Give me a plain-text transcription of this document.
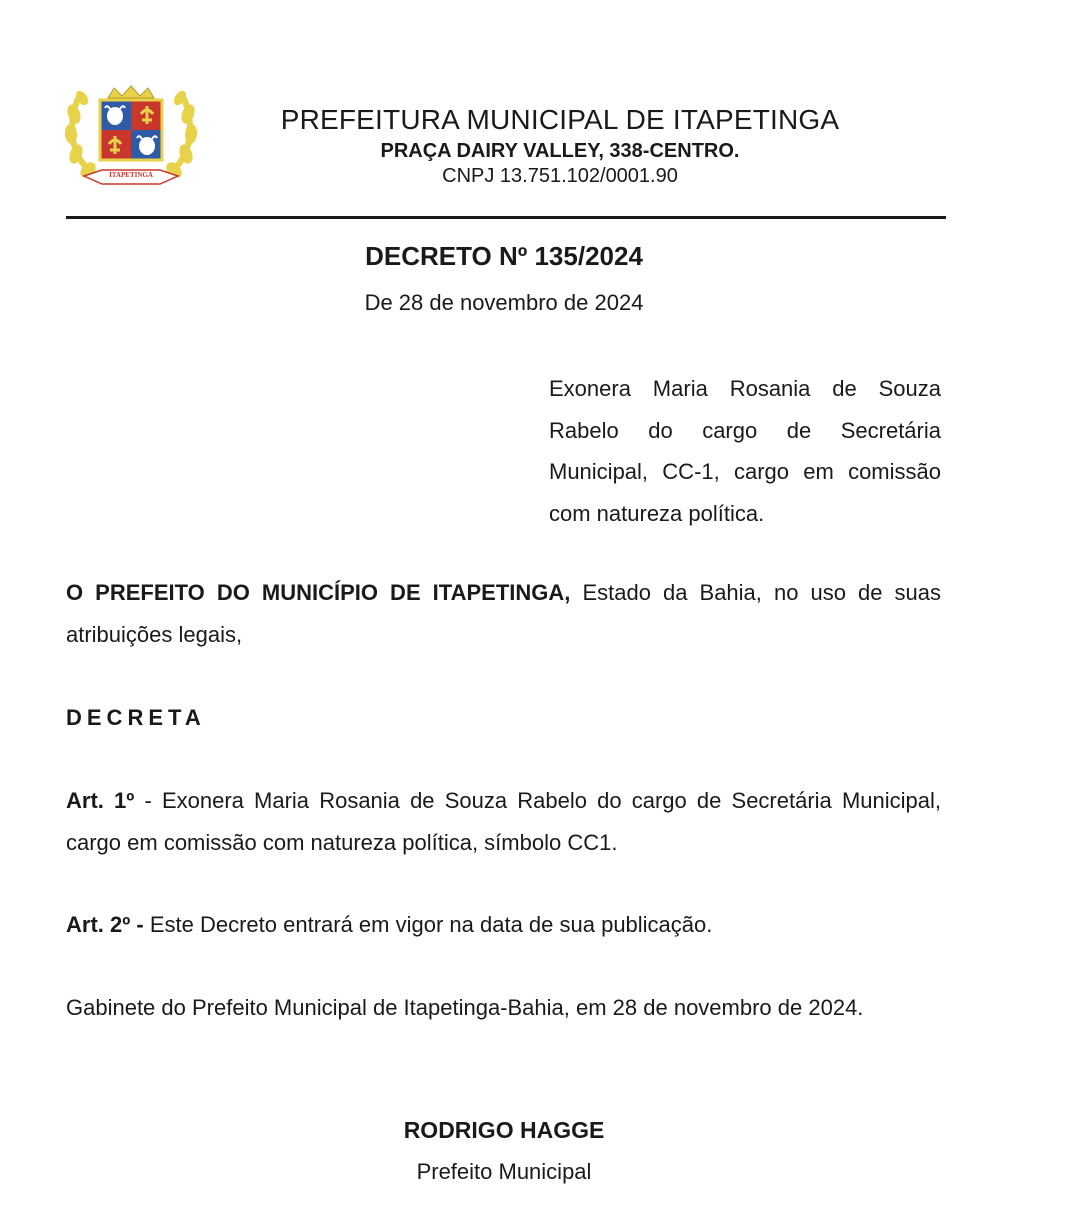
ITAPETINGA
PREFEITURA MUNICIPAL DE ITAPETINGA
PRAÇA DAIRY VALLEY, 338-CENTRO.
CNPJ 13.751.102/0001.90
DECRETO Nº 135/2024
De 28 de novembro de 2024
Exonera Maria Rosania de Souza Rabelo do cargo de Secretária Municipal, CC-1, cargo em comissão com natureza política.
O PREFEITO DO MUNICÍPIO DE ITAPETINGA, Estado da Bahia, no uso de suas atribuições legais,
DECRETA
Art. 1º - Exonera Maria Rosania de Souza Rabelo do cargo de Secretária Municipal, cargo em comissão com natureza política, símbolo CC1.
Art. 2º - Este Decreto entrará em vigor na data de sua publicação.
Gabinete do Prefeito Municipal de Itapetinga-Bahia, em 28 de novembro de 2024.
RODRIGO HAGGE
Prefeito Municipal
